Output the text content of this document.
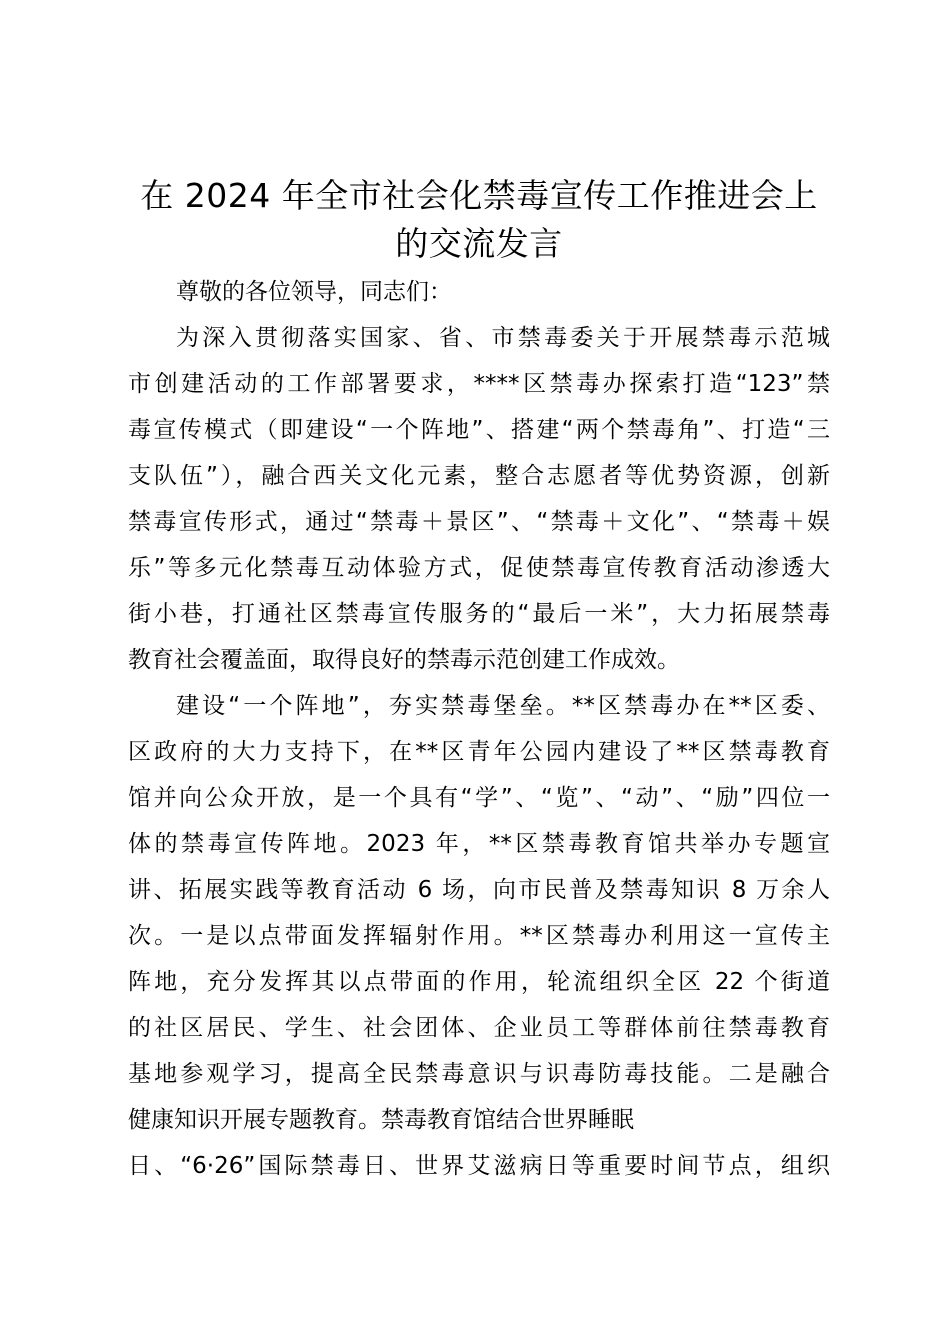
在 2024 年全市社会化禁毒宣传工作推进会上
的交流发言
尊敬的各位领导，同志们：
为深入贯彻落实国家、省、市禁毒委关于开展禁毒示范城
市创建活动的工作部署要求，****区禁毒办探索打造“123”禁
毒宣传模式（即建设“一个阵地”、搭建“两个禁毒角”、打造“三
支队伍”），融合西关文化元素，整合志愿者等优势资源，创新
禁毒宣传形式，通过“禁毒＋景区”、“禁毒＋文化”、“禁毒＋娱
乐”等多元化禁毒互动体验方式，促使禁毒宣传教育活动渗透大
街小巷，打通社区禁毒宣传服务的“最后一米”，大力拓展禁毒
教育社会覆盖面，取得良好的禁毒示范创建工作成效。
建设“一个阵地”，夯实禁毒堡垒。**区禁毒办在**区委、
区政府的大力支持下，在**区青年公园内建设了**区禁毒教育
馆并向公众开放，是一个具有“学”、“览”、“动”、“励”四位一
体的禁毒宣传阵地。2023 年，**区禁毒教育馆共举办专题宣
讲、拓展实践等教育活动 6 场，向市民普及禁毒知识 8 万余人
次。一是以点带面发挥辐射作用。**区禁毒办利用这一宣传主
阵地，充分发挥其以点带面的作用，轮流组织全区 22 个街道
的社区居民、学生、社会团体、企业员工等群体前往禁毒教育
基地参观学习，提高全民禁毒意识与识毒防毒技能。二是融合
健康知识开展专题教育。禁毒教育馆结合世界睡眠
日、“6·26”国际禁毒日、世界艾滋病日等重要时间节点，组织
